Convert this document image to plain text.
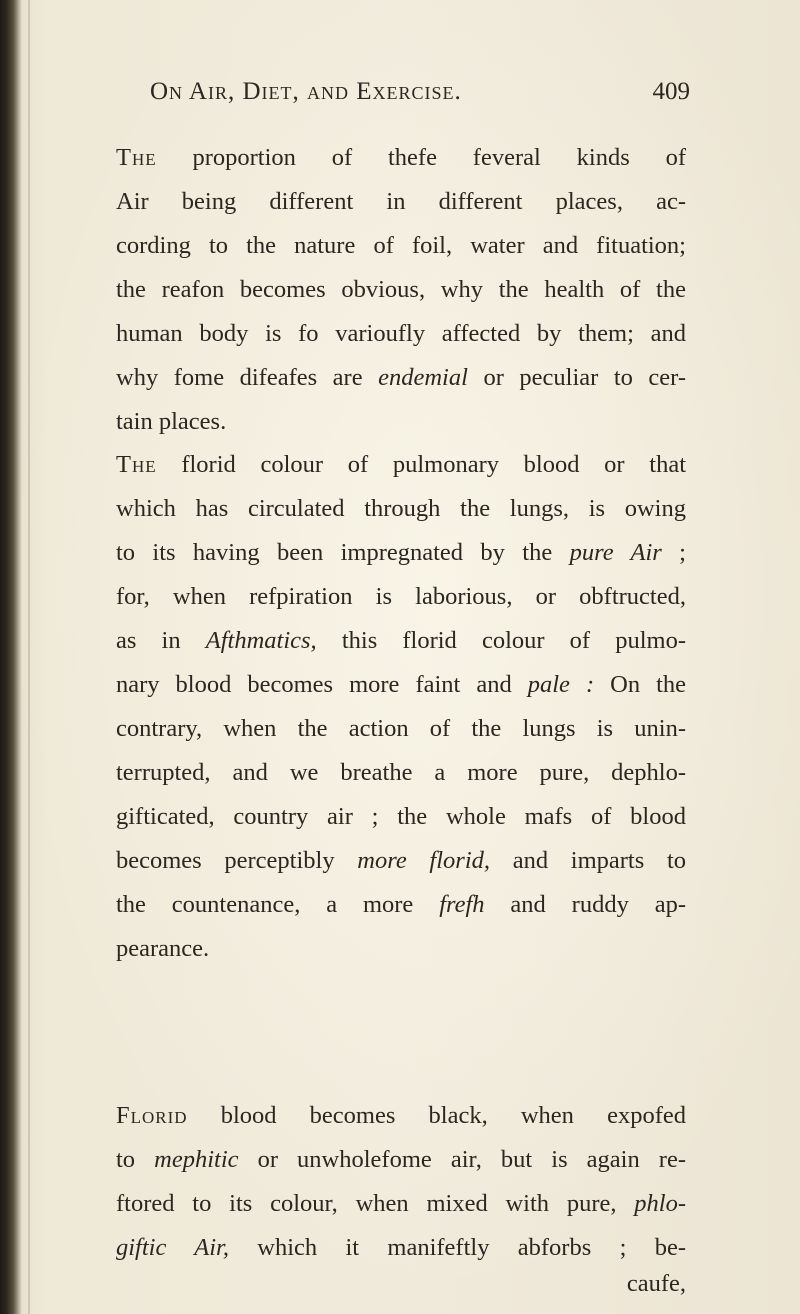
On Air, Diet, and Exercise.	409
The proportion of thefe feveral kinds of
Air being different in different places, ac-
cording to the nature of foil, water and fituation;
the reafon becomes obvious, why the health of the
human body is fo varioufly affected by them; and
why fome difeafes are endemial or peculiar to cer-
tain places.
The florid colour of pulmonary blood or that
which has circulated through the lungs, is owing
to its having been impregnated by the pure Air ;
for, when refpiration is laborious, or obftructed,
as in Afthmatics, this florid colour of pulmo-
nary blood becomes more faint and pale : On the
contrary, when the action of the lungs is unin-
terrupted, and we breathe a more pure, dephlo-
gifticated, country air ; the whole mafs of blood
becomes perceptibly more florid, and imparts to
the countenance, a more frefh and ruddy ap-
pearance.
Florid blood becomes black, when expofed
to mephitic or unwholefome air, but is again re-
ftored to its colour, when mixed with pure, phlo-
giftic Air, which it manifeftly abforbs ; be-
caufe,
